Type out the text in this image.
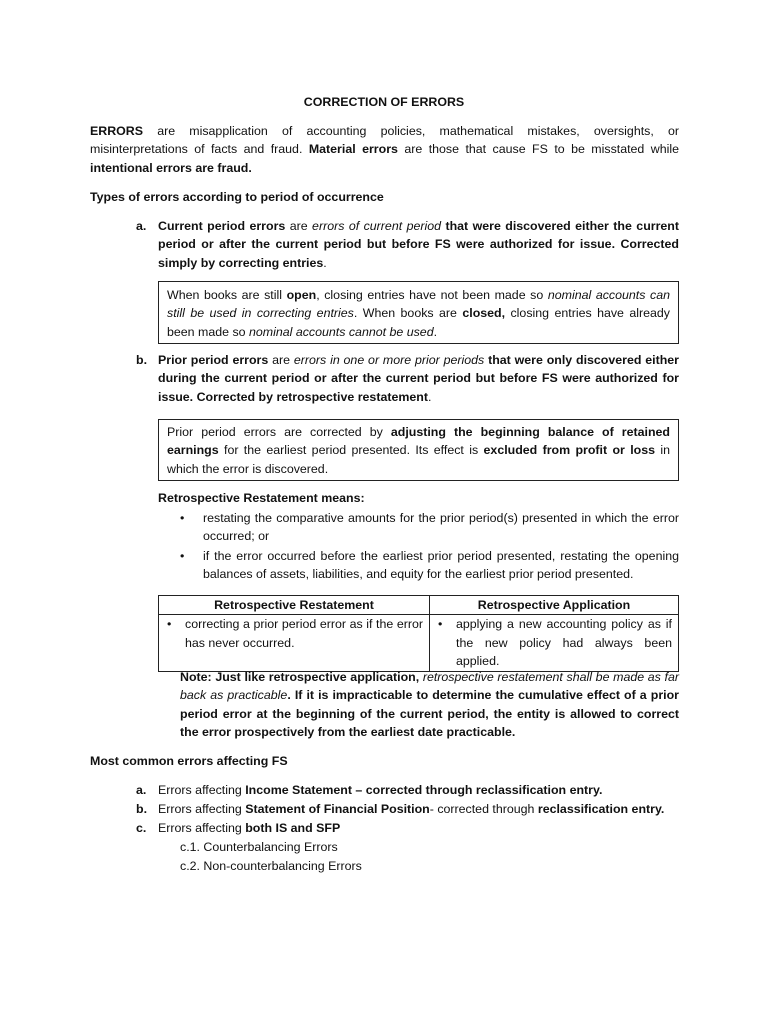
CORRECTION OF ERRORS
ERRORS are misapplication of accounting policies, mathematical mistakes, oversights, or misinterpretations of facts and fraud. Material errors are those that cause FS to be misstated while intentional errors are fraud.
Types of errors according to period of occurrence
a. Current period errors are errors of current period that were discovered either the current period or after the current period but before FS were authorized for issue. Corrected simply by correcting entries.
When books are still open, closing entries have not been made so nominal accounts can still be used in correcting entries. When books are closed, closing entries have already been made so nominal accounts cannot be used.
b. Prior period errors are errors in one or more prior periods that were only discovered either during the current period or after the current period but before FS were authorized for issue. Corrected by retrospective restatement.
Prior period errors are corrected by adjusting the beginning balance of retained earnings for the earliest period presented. Its effect is excluded from profit or loss in which the error is discovered.
Retrospective Restatement means:
• restating the comparative amounts for the prior period(s) presented in which the error occurred; or
• if the error occurred before the earliest prior period presented, restating the opening balances of assets, liabilities, and equity for the earliest prior period presented.
Retrospective Restatement	Retrospective Application

• correcting a prior period error as if the error has never occurred.	• applying a new accounting policy as if the new policy had always been applied.
Note: Just like retrospective application, retrospective restatement shall be made as far back as practicable. If it is impracticable to determine the cumulative effect of a prior period error at the beginning of the current period, the entity is allowed to correct the error prospectively from the earliest date practicable.
Most common errors affecting FS
a. Errors affecting Income Statement – corrected through reclassification entry.
b. Errors affecting Statement of Financial Position- corrected through reclassification entry.
c. Errors affecting both IS and SFP
c.1. Counterbalancing Errors
c.2. Non-counterbalancing Errors
